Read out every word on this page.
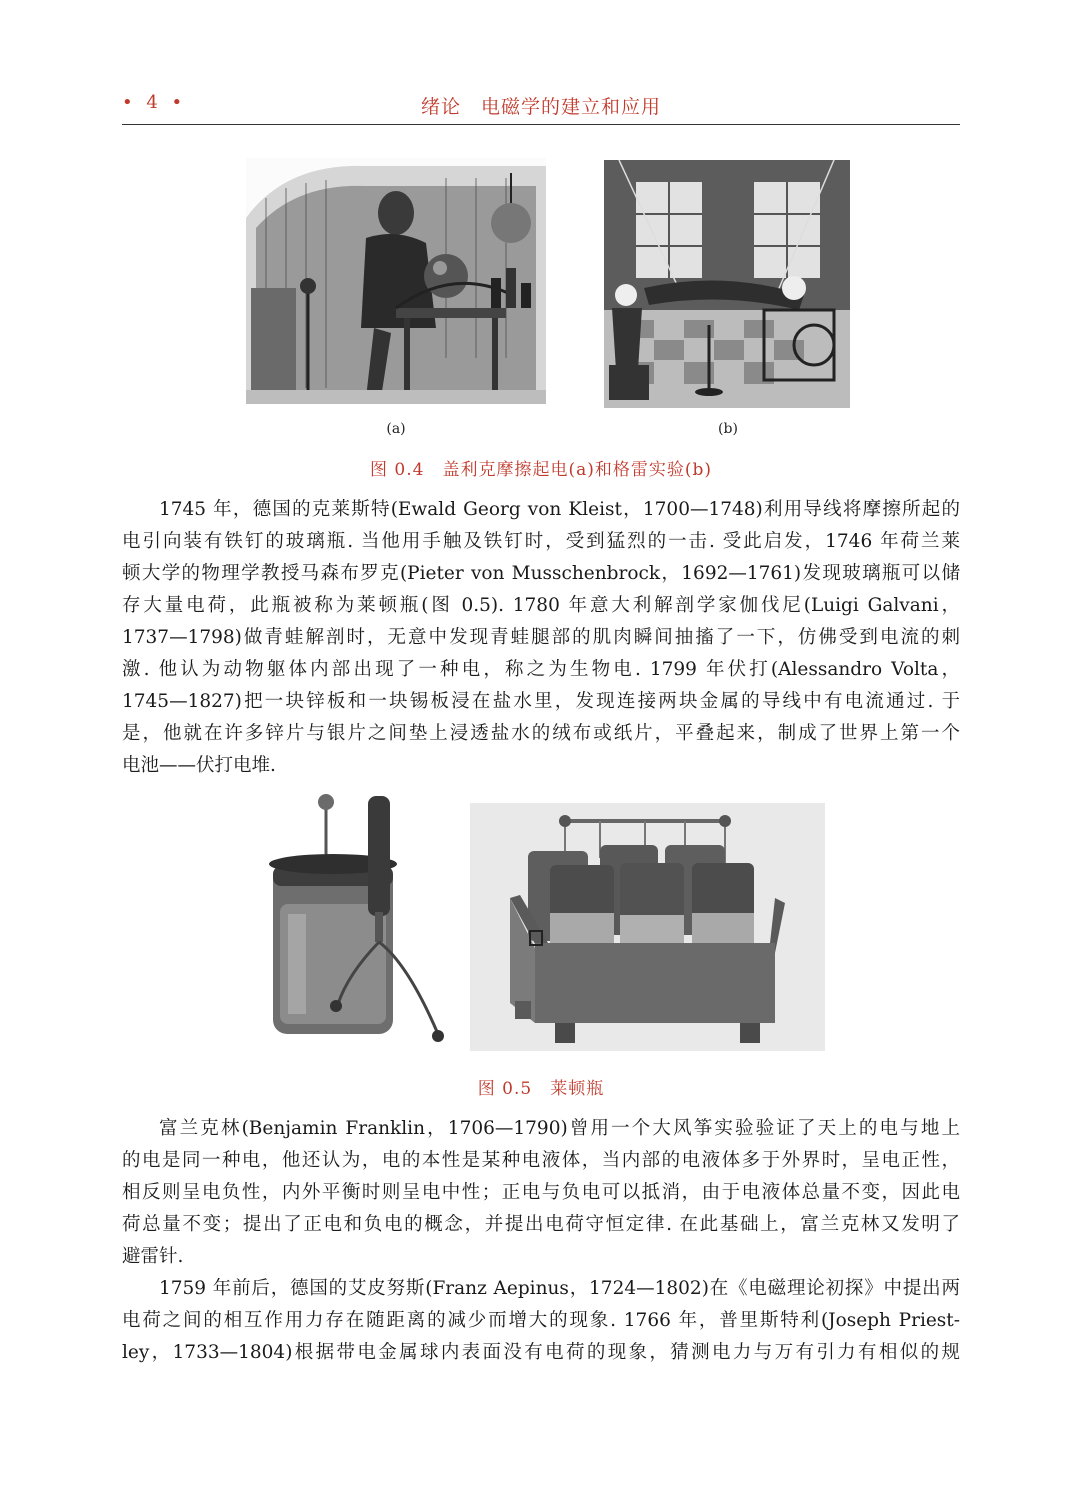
• 4 •	绪论　电磁学的建立和应用
(a)	(b)
图 0.4　盖利克摩擦起电(a)和格雷实验(b)
1745 年，德国的克莱斯特(Ewald Georg von Kleist，1700—1748)利用导线将摩擦所起的
电引向装有铁钉的玻璃瓶. 当他用手触及铁钉时，受到猛烈的一击. 受此启发，1746 年荷兰莱
顿大学的物理学教授马森布罗克(Pieter von Musschenbrock，1692—1761)发现玻璃瓶可以储
存大量电荷，此瓶被称为莱顿瓶(图 0.5). 1780 年意大利解剖学家伽伐尼(Luigi Galvani，
1737—1798)做青蛙解剖时，无意中发现青蛙腿部的肌肉瞬间抽搐了一下，仿佛受到电流的刺
激. 他认为动物躯体内部出现了一种电，称之为生物电. 1799 年伏打(Alessandro Volta，
1745—1827)把一块锌板和一块锡板浸在盐水里，发现连接两块金属的导线中有电流通过. 于
是，他就在许多锌片与银片之间垫上浸透盐水的绒布或纸片，平叠起来，制成了世界上第一个
电池——伏打电堆.
图 0.5　莱顿瓶
富兰克林(Benjamin Franklin，1706—1790)曾用一个大风筝实验验证了天上的电与地上
的电是同一种电，他还认为，电的本性是某种电液体，当内部的电液体多于外界时，呈电正性，
相反则呈电负性，内外平衡时则呈电中性；正电与负电可以抵消，由于电液体总量不变，因此电
荷总量不变；提出了正电和负电的概念，并提出电荷守恒定律. 在此基础上，富兰克林又发明了
避雷针.
1759 年前后，德国的艾皮努斯(Franz Aepinus，1724—1802)在《电磁理论初探》中提出两
电荷之间的相互作用力存在随距离的减少而增大的现象. 1766 年，普里斯特利(Joseph Priest-
ley，1733—1804)根据带电金属球内表面没有电荷的现象，猜测电力与万有引力有相似的规
